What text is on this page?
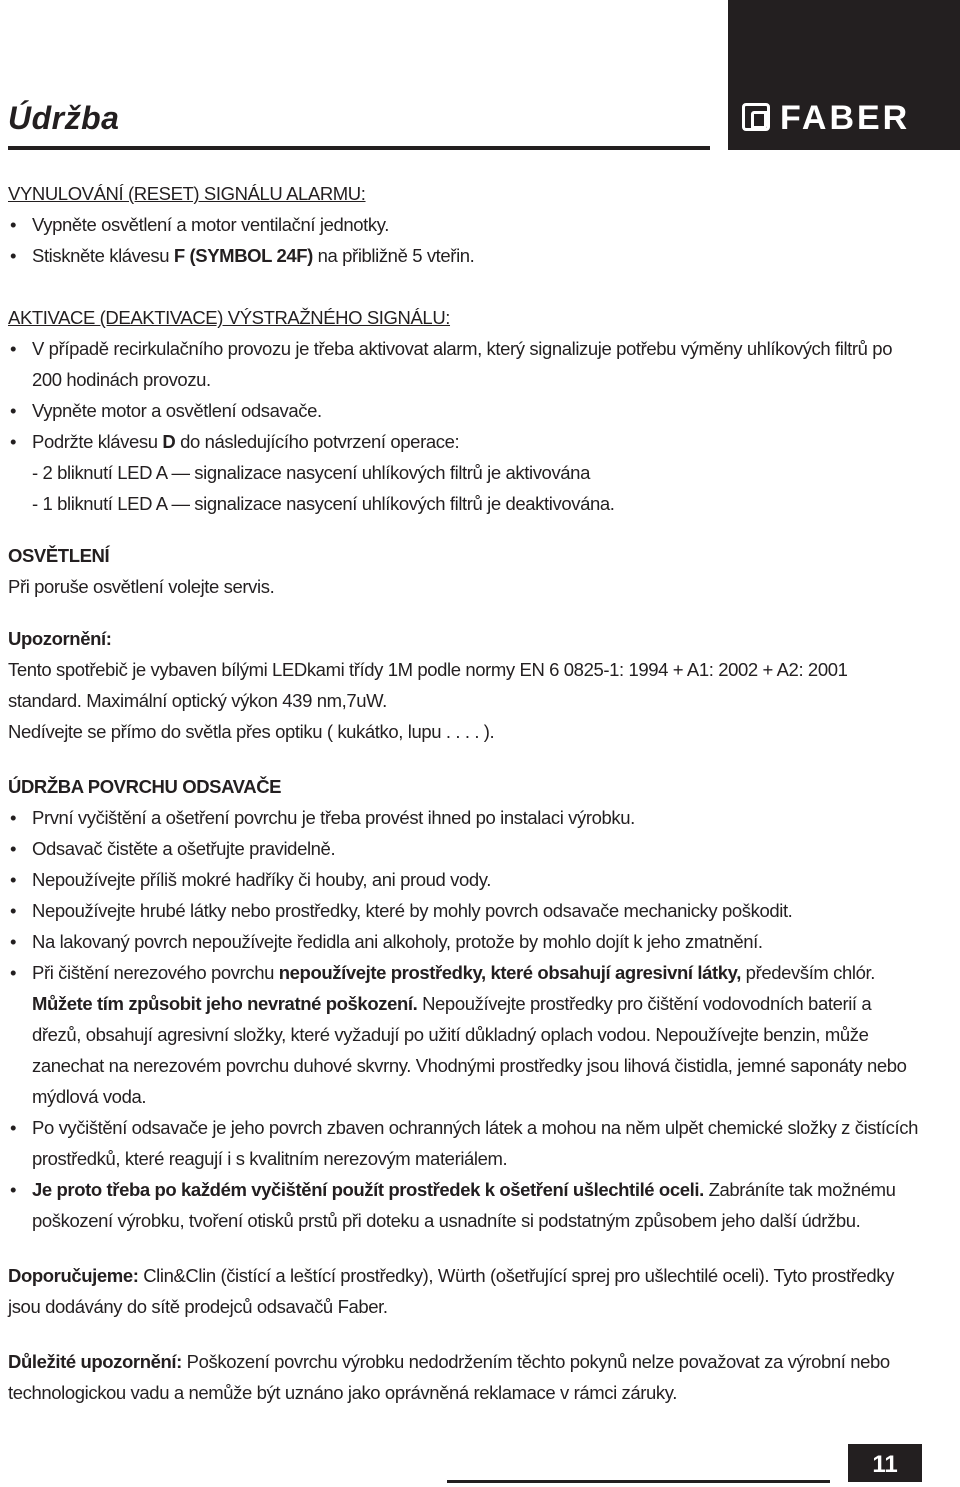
FABER
Údržba

VYNULOVÁNÍ (RESET) SIGNÁLU ALARMU:

• Vypněte osvětlení a motor ventilační jednotky.

• Stiskněte klávesu F (SYMBOL 24F) na přibližně 5 vteřin.

AKTIVACE (DEAKTIVACE) VÝSTRAŽNÉHO SIGNÁLU:

• V případě recirkulačního provozu je třeba aktivovat alarm, který signalizuje potřebu výměny uhlíkových filtrů po 200 hodinách provozu.

• Vypněte motor a osvětlení odsavače.

• Podržte klávesu D do následujícího potvrzení operace:

- 2 bliknutí LED A — signalizace nasycení uhlíkových filtrů je aktivována

- 1 bliknutí LED A — signalizace nasycení uhlíkových filtrů je deaktivována.

OSVĚTLENÍ

Při poruše osvětlení volejte servis.

Upozornění:

Tento spotřebič je vybaven bílými LEDkami třídy 1M podle normy EN 6 0825-1: 1994 + A1: 2002 + A2: 2001 standard. Maximální optický výkon 439 nm,7uW.

Nedívejte se přímo do světla přes optiku ( kukátko, lupu . . . . ).

ÚDRŽBA POVRCHU ODSAVAČE

• První vyčištění a ošetření povrchu je třeba provést ihned po instalaci výrobku.

• Odsavač čistěte a ošetřujte pravidelně.

• Nepoužívejte příliš mokré hadříky či houby, ani proud vody.

• Nepoužívejte hrubé látky nebo prostředky, které by mohly povrch odsavače mechanicky poškodit.

• Na lakovaný povrch nepoužívejte ředidla ani alkoholy, protože by mohlo dojít k jeho zmatnění.

• Při čištění nerezového povrchu nepoužívejte prostředky, které obsahují agresivní látky, především chlór. Můžete tím způsobit jeho nevratné poškození. Nepoužívejte prostředky pro čištění vodovodních baterií a dřezů, obsahují agresivní složky, které vyžadují po užití důkladný oplach vodou. Nepoužívejte benzin, může zanechat na nerezovém povrchu duhové skvrny. Vhodnými prostředky jsou lihová čistidla, jemné saponáty nebo mýdlová voda.

• Po vyčištění odsavače je jeho povrch zbaven ochranných látek a mohou na něm ulpět chemické složky z čistících prostředků, které reagují i s kvalitním nerezovým materiálem.

• Je proto třeba po každém vyčištění použít prostředek k ošetření ušlechtilé oceli. Zabráníte tak možnému poškození výrobku, tvoření otisků prstů při doteku a usnadníte si podstatným způsobem jeho další údržbu.

Doporučujeme: Clin&Clin (čistící a leštící prostředky), Würth (ošetřující sprej pro ušlechtilé oceli). Tyto prostředky jsou dodávány do sítě prodejců odsavačů Faber.

Důležité upozornění: Poškození povrchu výrobku nedodržením těchto pokynů nelze považovat za výrobní nebo technologickou vadu a nemůže být uznáno jako oprávněná reklamace v rámci záruky.

11
